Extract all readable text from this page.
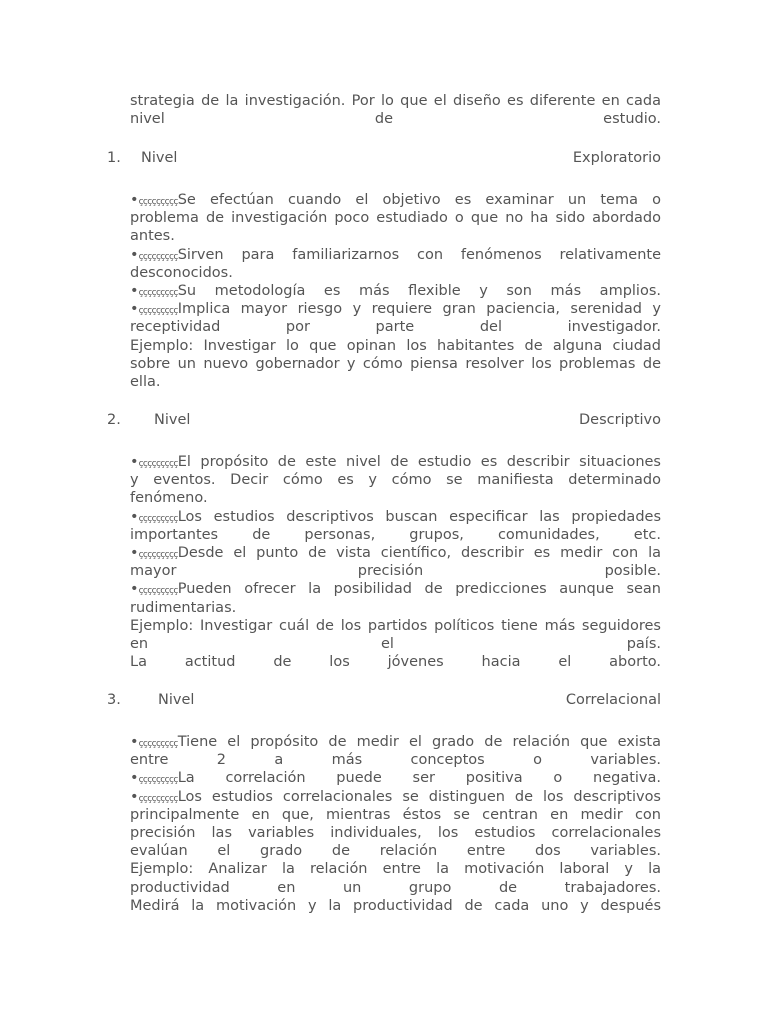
strategia de la investigación. Por lo que el diseño es diferente en cada
nivel de estudio.
1. Nivel	Exploratorio
•çççççççççSe efectúan cuando el objetivo es examinar un tema o
problema de investigación poco estudiado o que no ha sido abordado
antes.
•çççççççççSirven para familiarizarnos con fenómenos relativamente
desconocidos.
•çççççççççSu metodología es más flexible y son más amplios.
•çççççççççImplica mayor riesgo y requiere gran paciencia, serenidad y
receptividad por parte del investigador.
Ejemplo: Investigar lo que opinan los habitantes de alguna ciudad
sobre un nuevo gobernador y cómo piensa resolver los problemas de
ella.
2. Nivel	Descriptivo
•çççççççççEl propósito de este nivel de estudio es describir situaciones
y eventos. Decir cómo es y cómo se manifiesta determinado
fenómeno.
•çççççççççLos estudios descriptivos buscan especificar las propiedades
importantes de personas, grupos, comunidades, etc.
•çççççççççDesde el punto de vista científico, describir es medir con la
mayor precisión posible.
•çççççççççPueden ofrecer la posibilidad de predicciones aunque sean
rudimentarias.
Ejemplo: Investigar cuál de los partidos políticos tiene más seguidores
en el país.
La actitud de los jóvenes hacia el aborto.
3.	Nivel	Correlacional
•çççççççççTiene el propósito de medir el grado de relación que exista
entre 2 a más conceptos o variables.
•çççççççççLa correlación puede ser positiva o negativa.
•çççççççççLos estudios correlacionales se distinguen de los descriptivos
principalmente en que, mientras éstos se centran en medir con
precisión las variables individuales, los estudios correlacionales
evalúan el grado de relación entre dos variables.
Ejemplo: Analizar la relación entre la motivación laboral y la
productividad en un grupo de trabajadores.
Medirá la motivación y la productividad de cada uno y después
